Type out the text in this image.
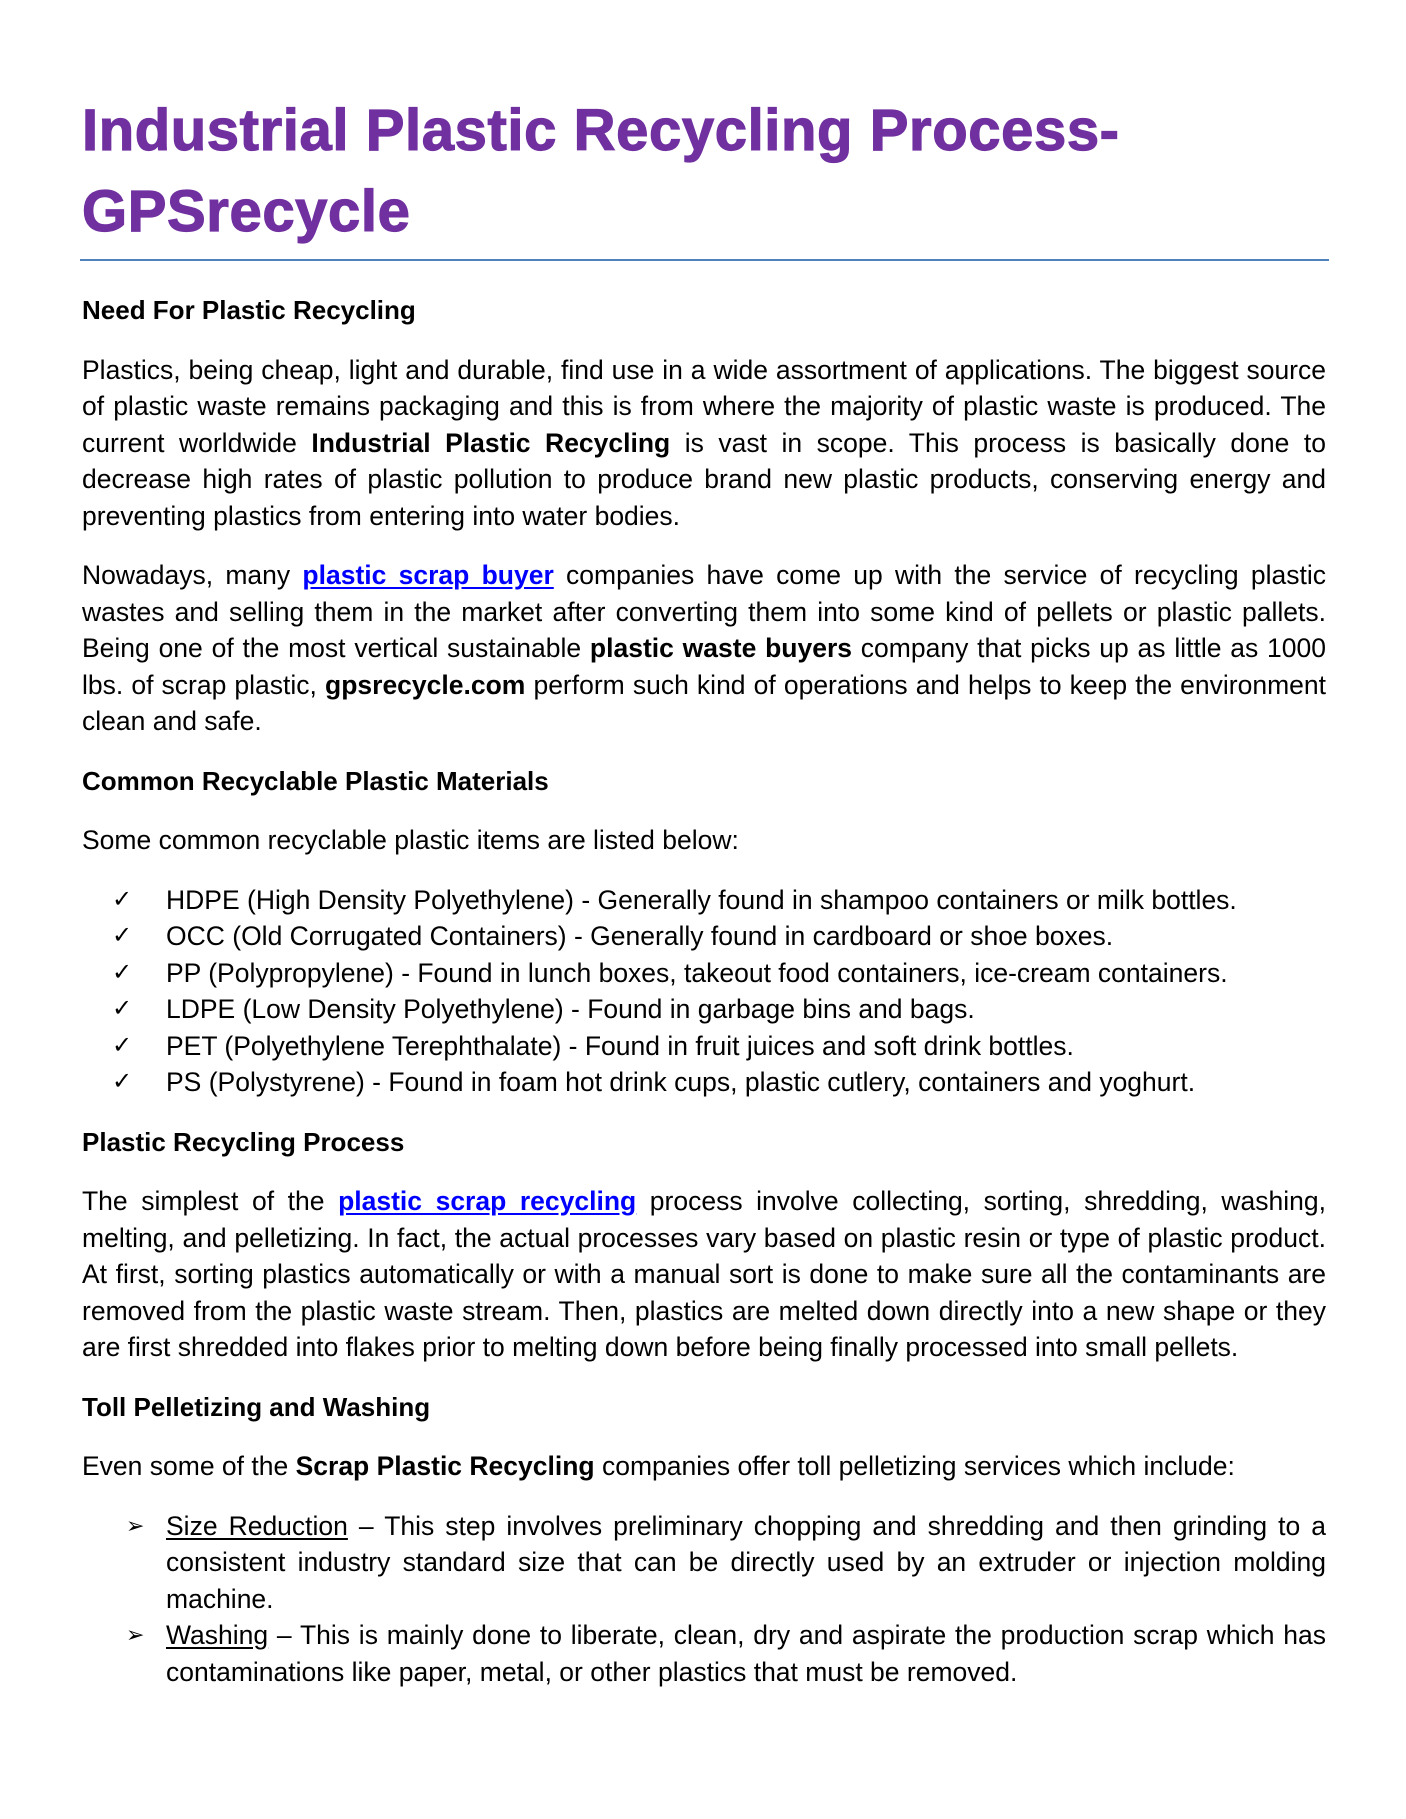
Industrial Plastic Recycling Process-GPSrecycle
Need For Plastic Recycling

Plastics, being cheap, light and durable, find use in a wide assortment of applications. The biggest source of plastic waste remains packaging and this is from where the majority of plastic waste is produced. The current worldwide Industrial Plastic Recycling is vast in scope. This process is basically done to decrease high rates of plastic pollution to produce brand new plastic products, conserving energy and preventing plastics from entering into water bodies.

Nowadays, many plastic scrap buyer companies have come up with the service of recycling plastic wastes and selling them in the market after converting them into some kind of pellets or plastic pallets. Being one of the most vertical sustainable plastic waste buyers company that picks up as little as 1000 lbs. of scrap plastic, gpsrecycle.com perform such kind of operations and helps to keep the environment clean and safe.

Common Recyclable Plastic Materials

Some common recyclable plastic items are listed below:

✓ HDPE (High Density Polyethylene) - Generally found in shampoo containers or milk bottles.
✓ OCC (Old Corrugated Containers) - Generally found in cardboard or shoe boxes.
✓ PP (Polypropylene) - Found in lunch boxes, takeout food containers, ice-cream containers.
✓ LDPE (Low Density Polyethylene) - Found in garbage bins and bags.
✓ PET (Polyethylene Terephthalate) - Found in fruit juices and soft drink bottles.
✓ PS (Polystyrene) - Found in foam hot drink cups, plastic cutlery, containers and yoghurt.
Plastic Recycling Process

The simplest of the plastic scrap recycling process involve collecting, sorting, shredding, washing, melting, and pelletizing. In fact, the actual processes vary based on plastic resin or type of plastic product. At first, sorting plastics automatically or with a manual sort is done to make sure all the contaminants are removed from the plastic waste stream. Then, plastics are melted down directly into a new shape or they are first shredded into flakes prior to melting down before being finally processed into small pellets.

Toll Pelletizing and Washing

Even some of the Scrap Plastic Recycling companies offer toll pelletizing services which include:

➢ Size Reduction – This step involves preliminary chopping and shredding and then grinding to a consistent industry standard size that can be directly used by an extruder or injection molding machine.
➢ Washing – This is mainly done to liberate, clean, dry and aspirate the production scrap which has contaminations like paper, metal, or other plastics that must be removed.
